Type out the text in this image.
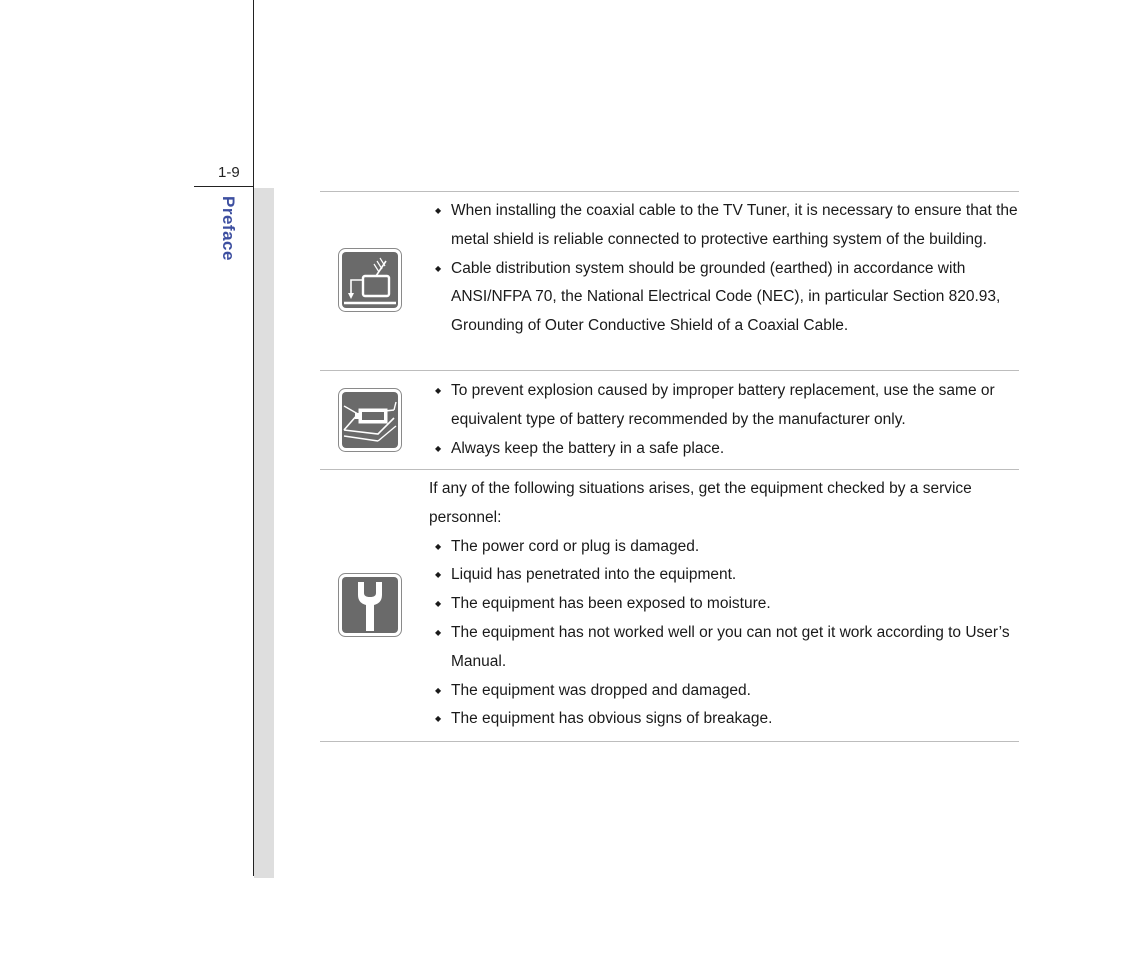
1-9
Preface
◆	When installing the coaxial cable to the TV Tuner, it is necessary to ensure that the metal shield is reliable connected to protective earthing system of the building.
◆ Cable distribution system should be grounded (earthed) in accordance with ANSI/NFPA 70, the National Electrical Code (NEC), in particular Section 820.93, Grounding of Outer Conductive Shield of a Coaxial Cable.
◆ To prevent explosion caused by improper battery replacement, use the same or equivalent type of battery recommended by the manufacturer only.
◆ Always keep the battery in a safe place.

If any of the following situations arises, get the equipment checked by a service personnel:

◆ The power cord or plug is damaged.
◆ Liquid has penetrated into the equipment.
◆ The equipment has been exposed to moisture.
◆ The equipment has not worked well or you can not get it work according to User’s Manual.
◆ The equipment was dropped and damaged.
◆ The equipment has obvious signs of breakage.
